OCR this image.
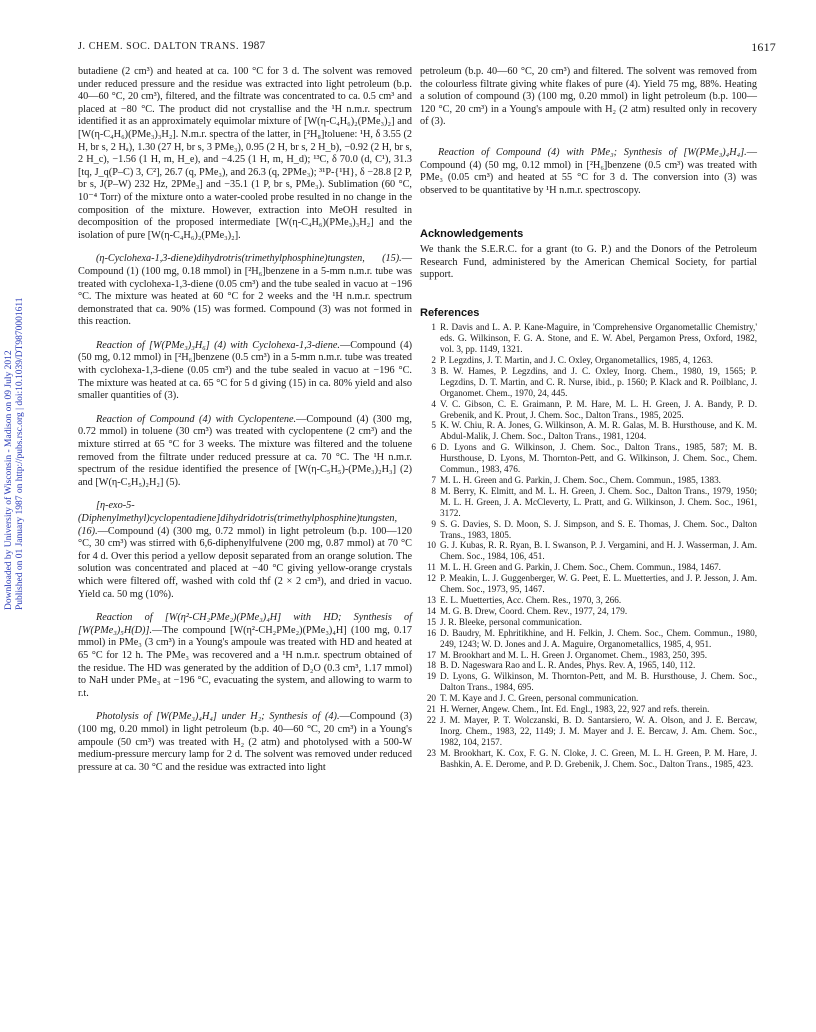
Downloaded by University of Wisconsin - Madison on 09 July 2012 Published on 01 January 1987 on http://pubs.rsc.org | doi:10.1039/DT9870001611
J. CHEM. SOC. DALTON TRANS. 1987	1617

butadiene (2 cm³) and heated at ca. 100 °C for 3 d. The solvent was removed under reduced pressure and the residue was extracted into light petroleum (b.p. 40—60 °C, 20 cm³), filtered, and the filtrate was concentrated to ca. 0.5 cm³ and placed at −80 °C. The product did not crystallise and the ¹H n.m.r. spectrum identified it as an approximately equimolar mixture of [W(η-C₄H₆)₂(PMe₃)₂] and [W(η-C₄H₆)(PMe₃)₃H₂]. N.m.r. spectra of the latter, in [²H₈]toluene: ¹H, δ 3.55 (2 H, br s, 2 Hₐ), 1.30 (27 H, br s, 3 PMe₃), 0.95 (2 H, br s, 2 H_b), −0.92 (2 H, br s, 2 H_c), −1.56 (1 H, m, H_e), and −4.25 (1 H, m, H_d); ¹³C, δ 70.0 (d, C¹), 31.3 [tq, J_q(P–C) 3, C²], 26.7 (q, PMe₃), and 26.3 (q, 2PMe₃); ³¹P-{¹H}, δ −28.8 [2 P, br s, J(P–W) 232 Hz, 2PMe₃] and −35.1 (1 P, br s, PMe₃). Sublimation (60 °C, 10⁻⁴ Torr) of the mixture onto a water-cooled probe resulted in no change in the composition of the mixture. However, extraction into MeOH resulted in decomposition of the proposed intermediate [W(η-C₄H₆)(PMe₃)₃H₂] and the isolation of pure [W(η-C₄H₆)₂(PMe₃)₂].

(η-Cyclohexa-1,3-diene)dihydrotris(trimethylphosphine)tungsten, (15).—Compound (1) (100 mg, 0.18 mmol) in [²H₆]benzene in a 5-mm n.m.r. tube was treated with cyclohexa-1,3-diene (0.05 cm³) and the tube sealed in vacuo at −196 °C. The mixture was heated at 60 °C for 2 weeks and the ¹H n.m.r. spectrum demonstrated that ca. 90% (15) was formed. Compound (3) was not formed in this reaction.

Reaction of [W(PMe₃)₃H₆] (4) with Cyclohexa-1,3-diene.—Compound (4) (50 mg, 0.12 mmol) in [²H₆]benzene (0.5 cm³) in a 5-mm n.m.r. tube was treated with cyclohexa-1,3-diene (0.05 cm³) and the tube sealed in vacuo at −196 °C. The mixture was heated at ca. 65 °C for 5 d giving (15) in ca. 80% yield and also smaller quantities of (3).

Reaction of Compound (4) with Cyclopentene.—Compound (4) (300 mg, 0.72 mmol) in toluene (30 cm³) was treated with cyclopentene (2 cm³) and the mixture stirred at 65 °C for 3 weeks. The mixture was filtered and the toluene removed from the filtrate under reduced pressure at ca. 70 °C. The ¹H n.m.r. spectrum of the residue identified the presence of [W(η-C₅H₅)-(PMe₃)₂H₃] (2) and [W(η-C₅H₅)₂H₂] (5).

[η-exo-5-(Diphenylmethyl)cyclopentadiene]dihydridotris(trimethylphosphine)tungsten, (16).—Compound (4) (300 mg, 0.72 mmol) in light petroleum (b.p. 100—120 °C, 30 cm³) was stirred with 6,6-diphenylfulvene (200 mg, 0.87 mmol) at 70 °C for 4 d. Over this period a yellow deposit separated from an orange solution. The solution was concentrated and placed at −40 °C giving yellow-orange crystals which were filtered off, washed with cold thf (2 × 2 cm³), and dried in vacuo. Yield ca. 50 mg (10%).

Reaction of [W(η²-CH₂PMe₂)(PMe₃)₄H] with HD; Synthesis of [W(PMe₃)₅H(D)].—The compound [W(η²-CH₂PMe₂)(PMe₃)₄H] (100 mg, 0.17 mmol) in PMe₃ (3 cm³) in a Young's ampoule was treated with HD and heated at 65 °C for 12 h. The PMe₃ was recovered and a ¹H n.m.r. spectrum obtained of the residue. The HD was generated by the addition of D₂O (0.3 cm³, 1.17 mmol) to NaH under PMe₃ at −196 °C, evacuating the system, and allowing to warm to r.t.

Photolysis of [W(PMe₃)₄H₄] under H₂; Synthesis of (4).—Compound (3) (100 mg, 0.20 mmol) in light petroleum (b.p. 40—60 °C, 20 cm³) in a Young's ampoule (50 cm³) was treated with H₂ (2 atm) and photolysed with a 500-W medium-pressure mercury lamp for 2 d. The solvent was removed under reduced pressure at ca. 30 °C and the residue was extracted into light

petroleum (b.p. 40—60 °C, 20 cm³) and filtered. The solvent was removed from the colourless filtrate giving white flakes of pure (4). Yield 75 mg, 88%. Heating a solution of compound (3) (100 mg, 0.20 mmol) in light petroleum (b.p. 100—120 °C, 20 cm³) in a Young's ampoule with H₂ (2 atm) resulted only in recovery of (3).

Reaction of Compound (4) with PMe₃; Synthesis of [W(PMe₃)₄H₄].—Compound (4) (50 mg, 0.12 mmol) in [²H₆]benzene (0.5 cm³) was treated with PMe₃ (0.05 cm³) and heated at 55 °C for 3 d. The conversion into (3) was observed to be quantitative by ¹H n.m.r. spectroscopy.

Acknowledgements

We thank the S.E.R.C. for a grant (to G. P.) and the Donors of the Petroleum Research Fund, administered by the American Chemical Society, for partial support.

References
1 R. Davis and L. A. P. Kane-Maguire, in 'Comprehensive Organometallic Chemistry,' eds. G. Wilkinson, F. G. A. Stone, and E. W. Abel, Pergamon Press, Oxford, 1982, vol. 3, pp. 1149, 1321.
2 P. Legzdins, J. T. Martin, and J. C. Oxley, Organometallics, 1985, 4, 1263.
3 B. W. Hames, P. Legzdins, and J. C. Oxley, Inorg. Chem., 1980, 19, 1565; P. Legzdins, D. T. Martin, and C. R. Nurse, ibid., p. 1560; P. Klack and R. Poilblanc, J. Organomet. Chem., 1970, 24, 445.
4 V. C. Gibson, C. E. Graimann, P. M. Hare, M. L. H. Green, J. A. Bandy, P. D. Grebenik, and K. Prout, J. Chem. Soc., Dalton Trans., 1985, 2025.
5 K. W. Chiu, R. A. Jones, G. Wilkinson, A. M. R. Galas, M. B. Hursthouse, and K. M. Abdul-Malik, J. Chem. Soc., Dalton Trans., 1981, 1204.
6 D. Lyons and G. Wilkinson, J. Chem. Soc., Dalton Trans., 1985, 587; M. B. Hursthouse, D. Lyons, M. Thornton-Pett, and G. Wilkinson, J. Chem. Soc., Chem. Commun., 1983, 476.
7 M. L. H. Green and G. Parkin, J. Chem. Soc., Chem. Commun., 1985, 1383.
8 M. Berry, K. Elmitt, and M. L. H. Green, J. Chem. Soc., Dalton Trans., 1979, 1950; M. L. H. Green, J. A. McCleverty, L. Pratt, and G. Wilkinson, J. Chem. Soc., 1961, 3172.
9 S. G. Davies, S. D. Moon, S. J. Simpson, and S. E. Thomas, J. Chem. Soc., Dalton Trans., 1983, 1805.
10 G. J. Kubas, R. R. Ryan, B. I. Swanson, P. J. Vergamini, and H. J. Wasserman, J. Am. Chem. Soc., 1984, 106, 451.
11 M. L. H. Green and G. Parkin, J. Chem. Soc., Chem. Commun., 1984, 1467.
12 P. Meakin, L. J. Guggenberger, W. G. Peet, E. L. Muetterties, and J. P. Jesson, J. Am. Chem. Soc., 1973, 95, 1467.
13 E. L. Muetterties, Acc. Chem. Res., 1970, 3, 266.
14 M. G. B. Drew, Coord. Chem. Rev., 1977, 24, 179.
15 J. R. Bleeke, personal communication.
16 D. Baudry, M. Ephritikhine, and H. Felkin, J. Chem. Soc., Chem. Commun., 1980, 249, 1243; W. D. Jones and J. A. Maguire, Organometallics, 1985, 4, 951.
17 M. Brookhart and M. L. H. Green J. Organomet. Chem., 1983, 250, 395.
18 B. D. Nageswara Rao and L. R. Andes, Phys. Rev. A, 1965, 140, 112.
19 D. Lyons, G. Wilkinson, M. Thornton-Pett, and M. B. Hursthouse, J. Chem. Soc., Dalton Trans., 1984, 695.
20 T. M. Kaye and J. C. Green, personal communication.
21 H. Werner, Angew. Chem., Int. Ed. Engl., 1983, 22, 927 and refs. therein.
22 J. M. Mayer, P. T. Wolczanski, B. D. Santarsiero, W. A. Olson, and J. E. Bercaw, Inorg. Chem., 1983, 22, 1149; J. M. Mayer and J. E. Bercaw, J. Am. Chem. Soc., 1982, 104, 2157.
23 M. Brookhart, K. Cox, F. G. N. Cloke, J. C. Green, M. L. H. Green, P. M. Hare, J. Bashkin, A. E. Derome, and P. D. Grebenik, J. Chem. Soc., Dalton Trans., 1985, 423.
